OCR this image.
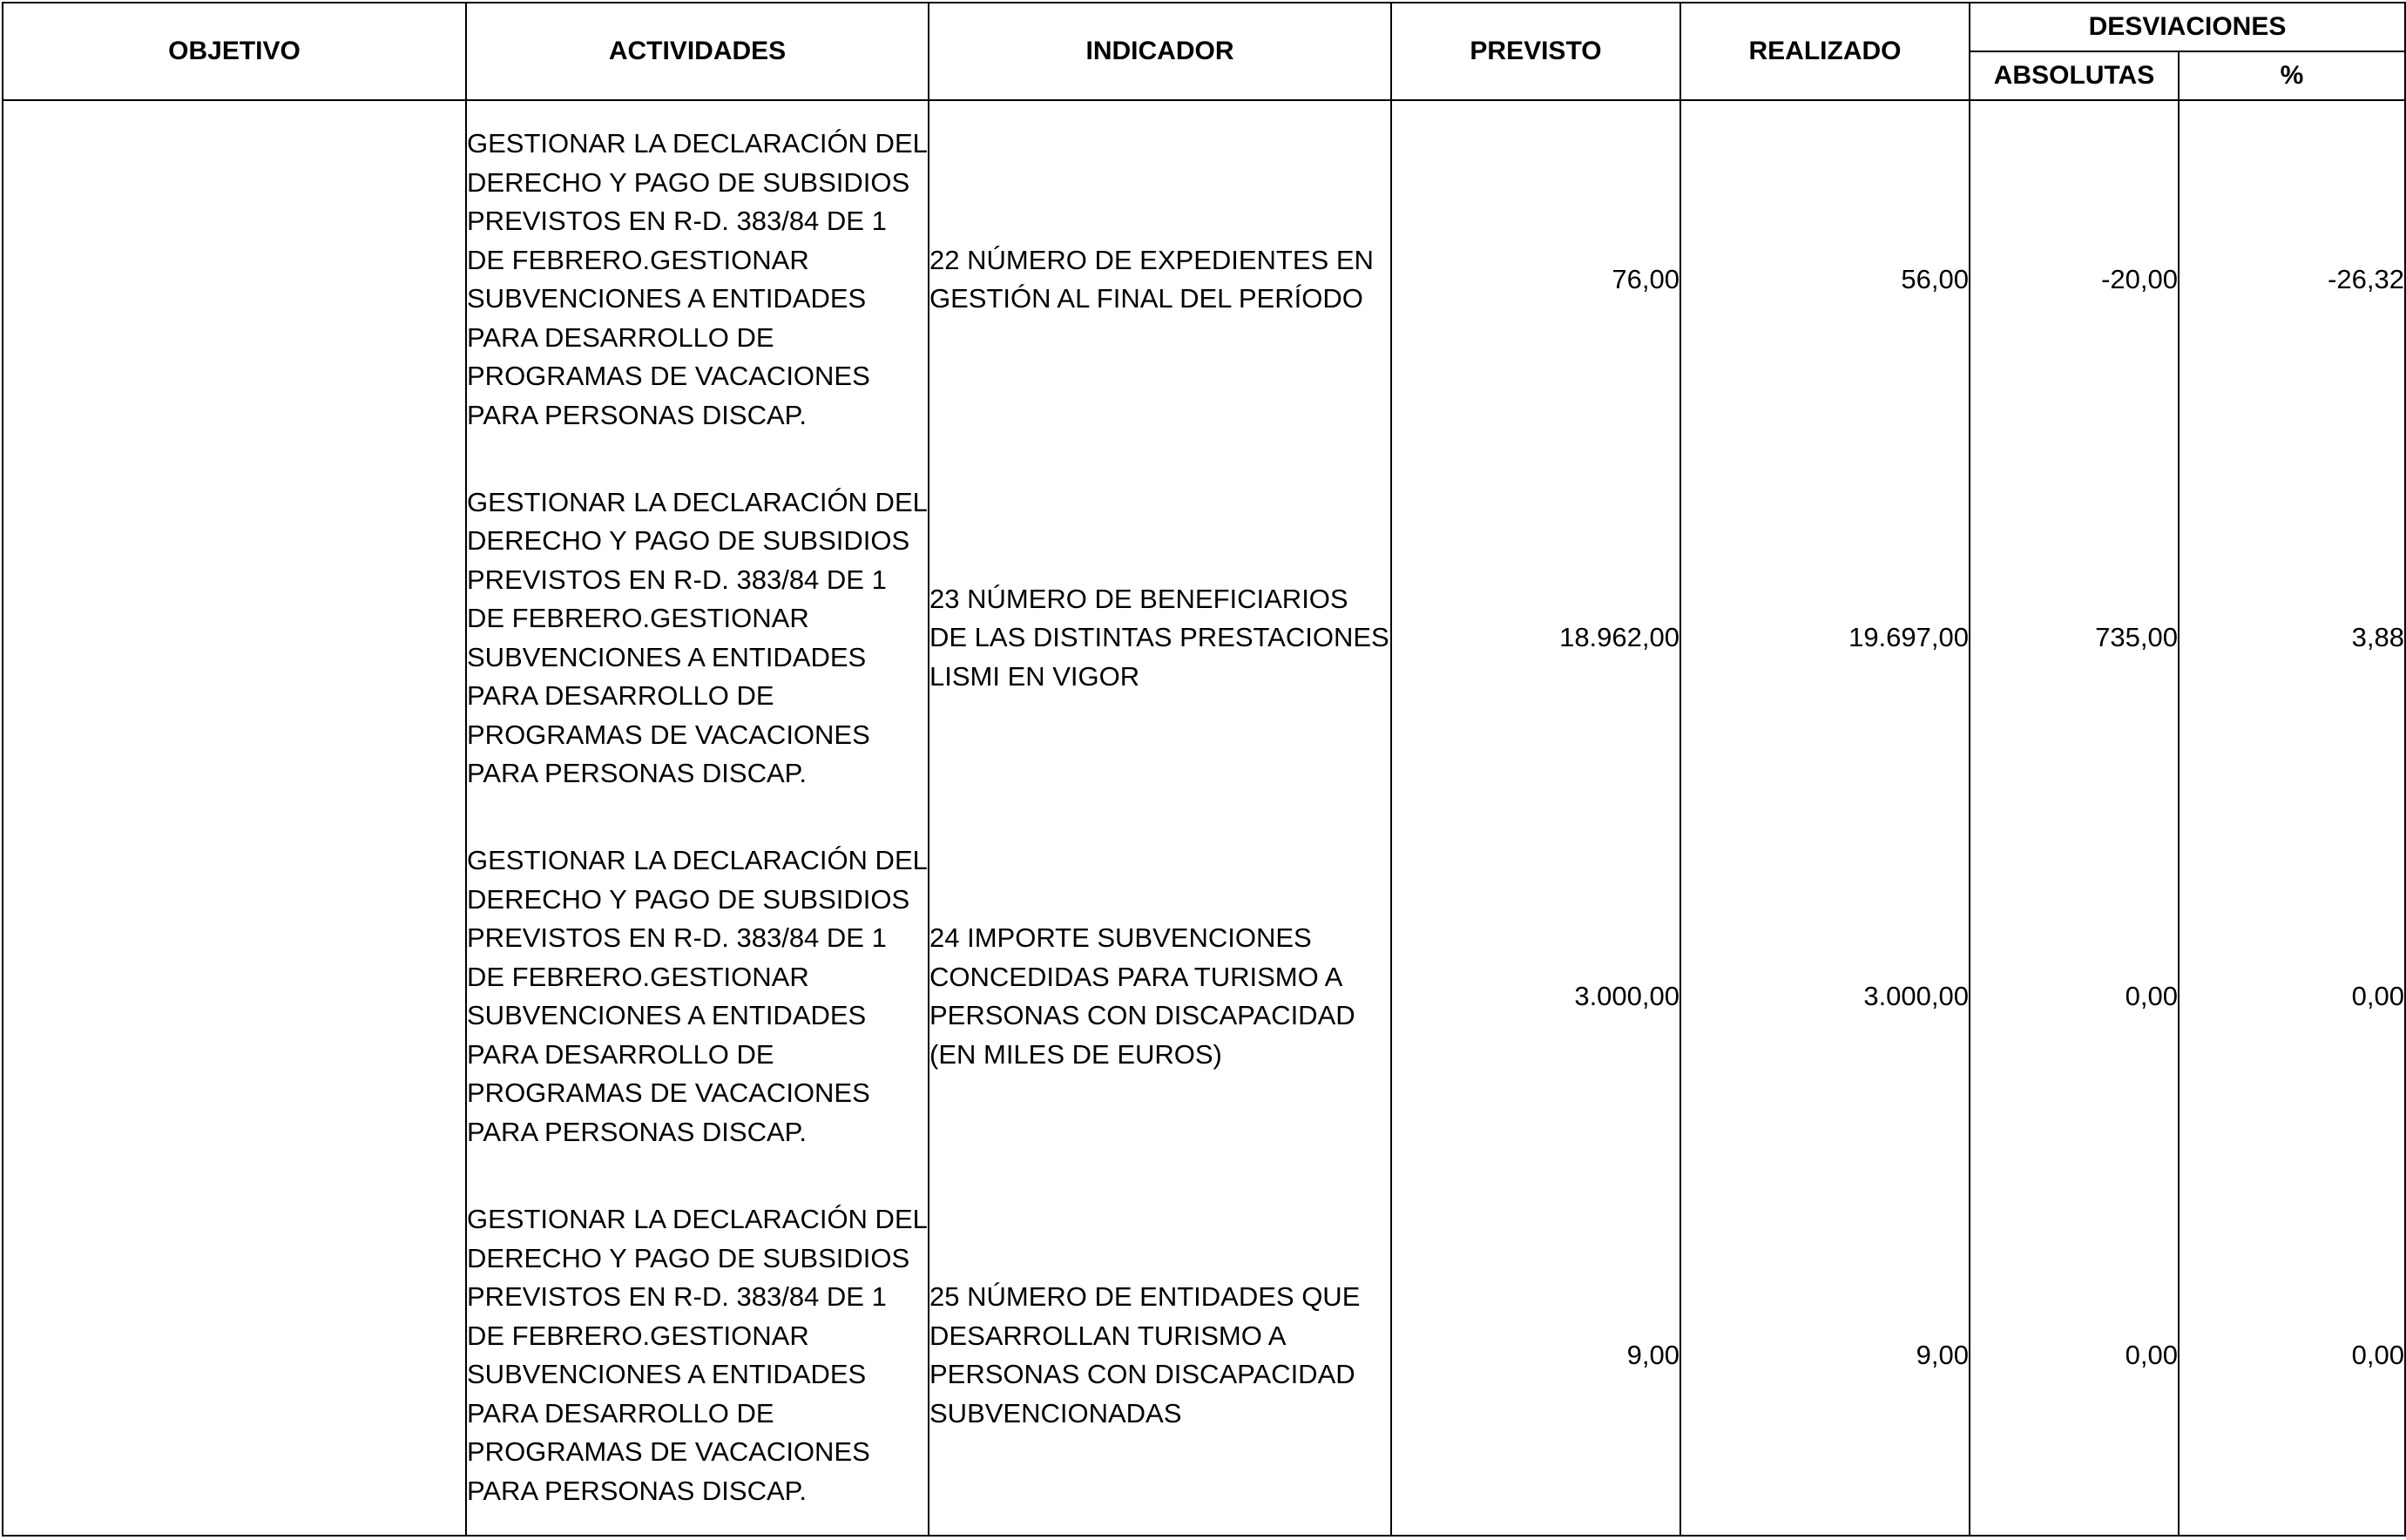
OBJETIVO	ACTIVIDADES	INDICADOR	PREVISTO	REALIZADO	DESVIACIONES	
					ABSOLUTAS	%
	GESTIONAR LA DECLARACIÓN DEL DERECHO Y PAGO DE SUBSIDIOS PREVISTOS EN R-D. 383/84 DE 1 DE FEBRERO.GESTIONAR SUBVENCIONES A ENTIDADES PARA DESARROLLO DE PROGRAMAS DE VACACIONES PARA PERSONAS DISCAP.	22 NÚMERO DE EXPEDIENTES EN GESTIÓN AL FINAL DEL PERÍODO	76,00	56,00	-20,00	-26,32
	GESTIONAR LA DECLARACIÓN DEL DERECHO Y PAGO DE SUBSIDIOS PREVISTOS EN R-D. 383/84 DE 1 DE FEBRERO.GESTIONAR SUBVENCIONES A ENTIDADES PARA DESARROLLO DE PROGRAMAS DE VACACIONES PARA PERSONAS DISCAP.	23 NÚMERO DE BENEFICIARIOS DE LAS DISTINTAS PRESTACIONES LISMI EN VIGOR	18.962,00	19.697,00	735,00	3,88
	GESTIONAR LA DECLARACIÓN DEL DERECHO Y PAGO DE SUBSIDIOS PREVISTOS EN R-D. 383/84 DE 1 DE FEBRERO.GESTIONAR SUBVENCIONES A ENTIDADES PARA DESARROLLO DE PROGRAMAS DE VACACIONES PARA PERSONAS DISCAP.	24 IMPORTE SUBVENCIONES CONCEDIDAS PARA TURISMO A PERSONAS CON DISCAPACIDAD (EN MILES DE EUROS)	3.000,00	3.000,00	0,00	0,00
	GESTIONAR LA DECLARACIÓN DEL DERECHO Y PAGO DE SUBSIDIOS PREVISTOS EN R-D. 383/84 DE 1 DE FEBRERO.GESTIONAR SUBVENCIONES A ENTIDADES PARA DESARROLLO DE PROGRAMAS DE VACACIONES PARA PERSONAS DISCAP.	25 NÚMERO DE ENTIDADES QUE DESARROLLAN TURISMO A PERSONAS CON DISCAPACIDAD SUBVENCIONADAS	9,00	9,00	0,00	0,00
